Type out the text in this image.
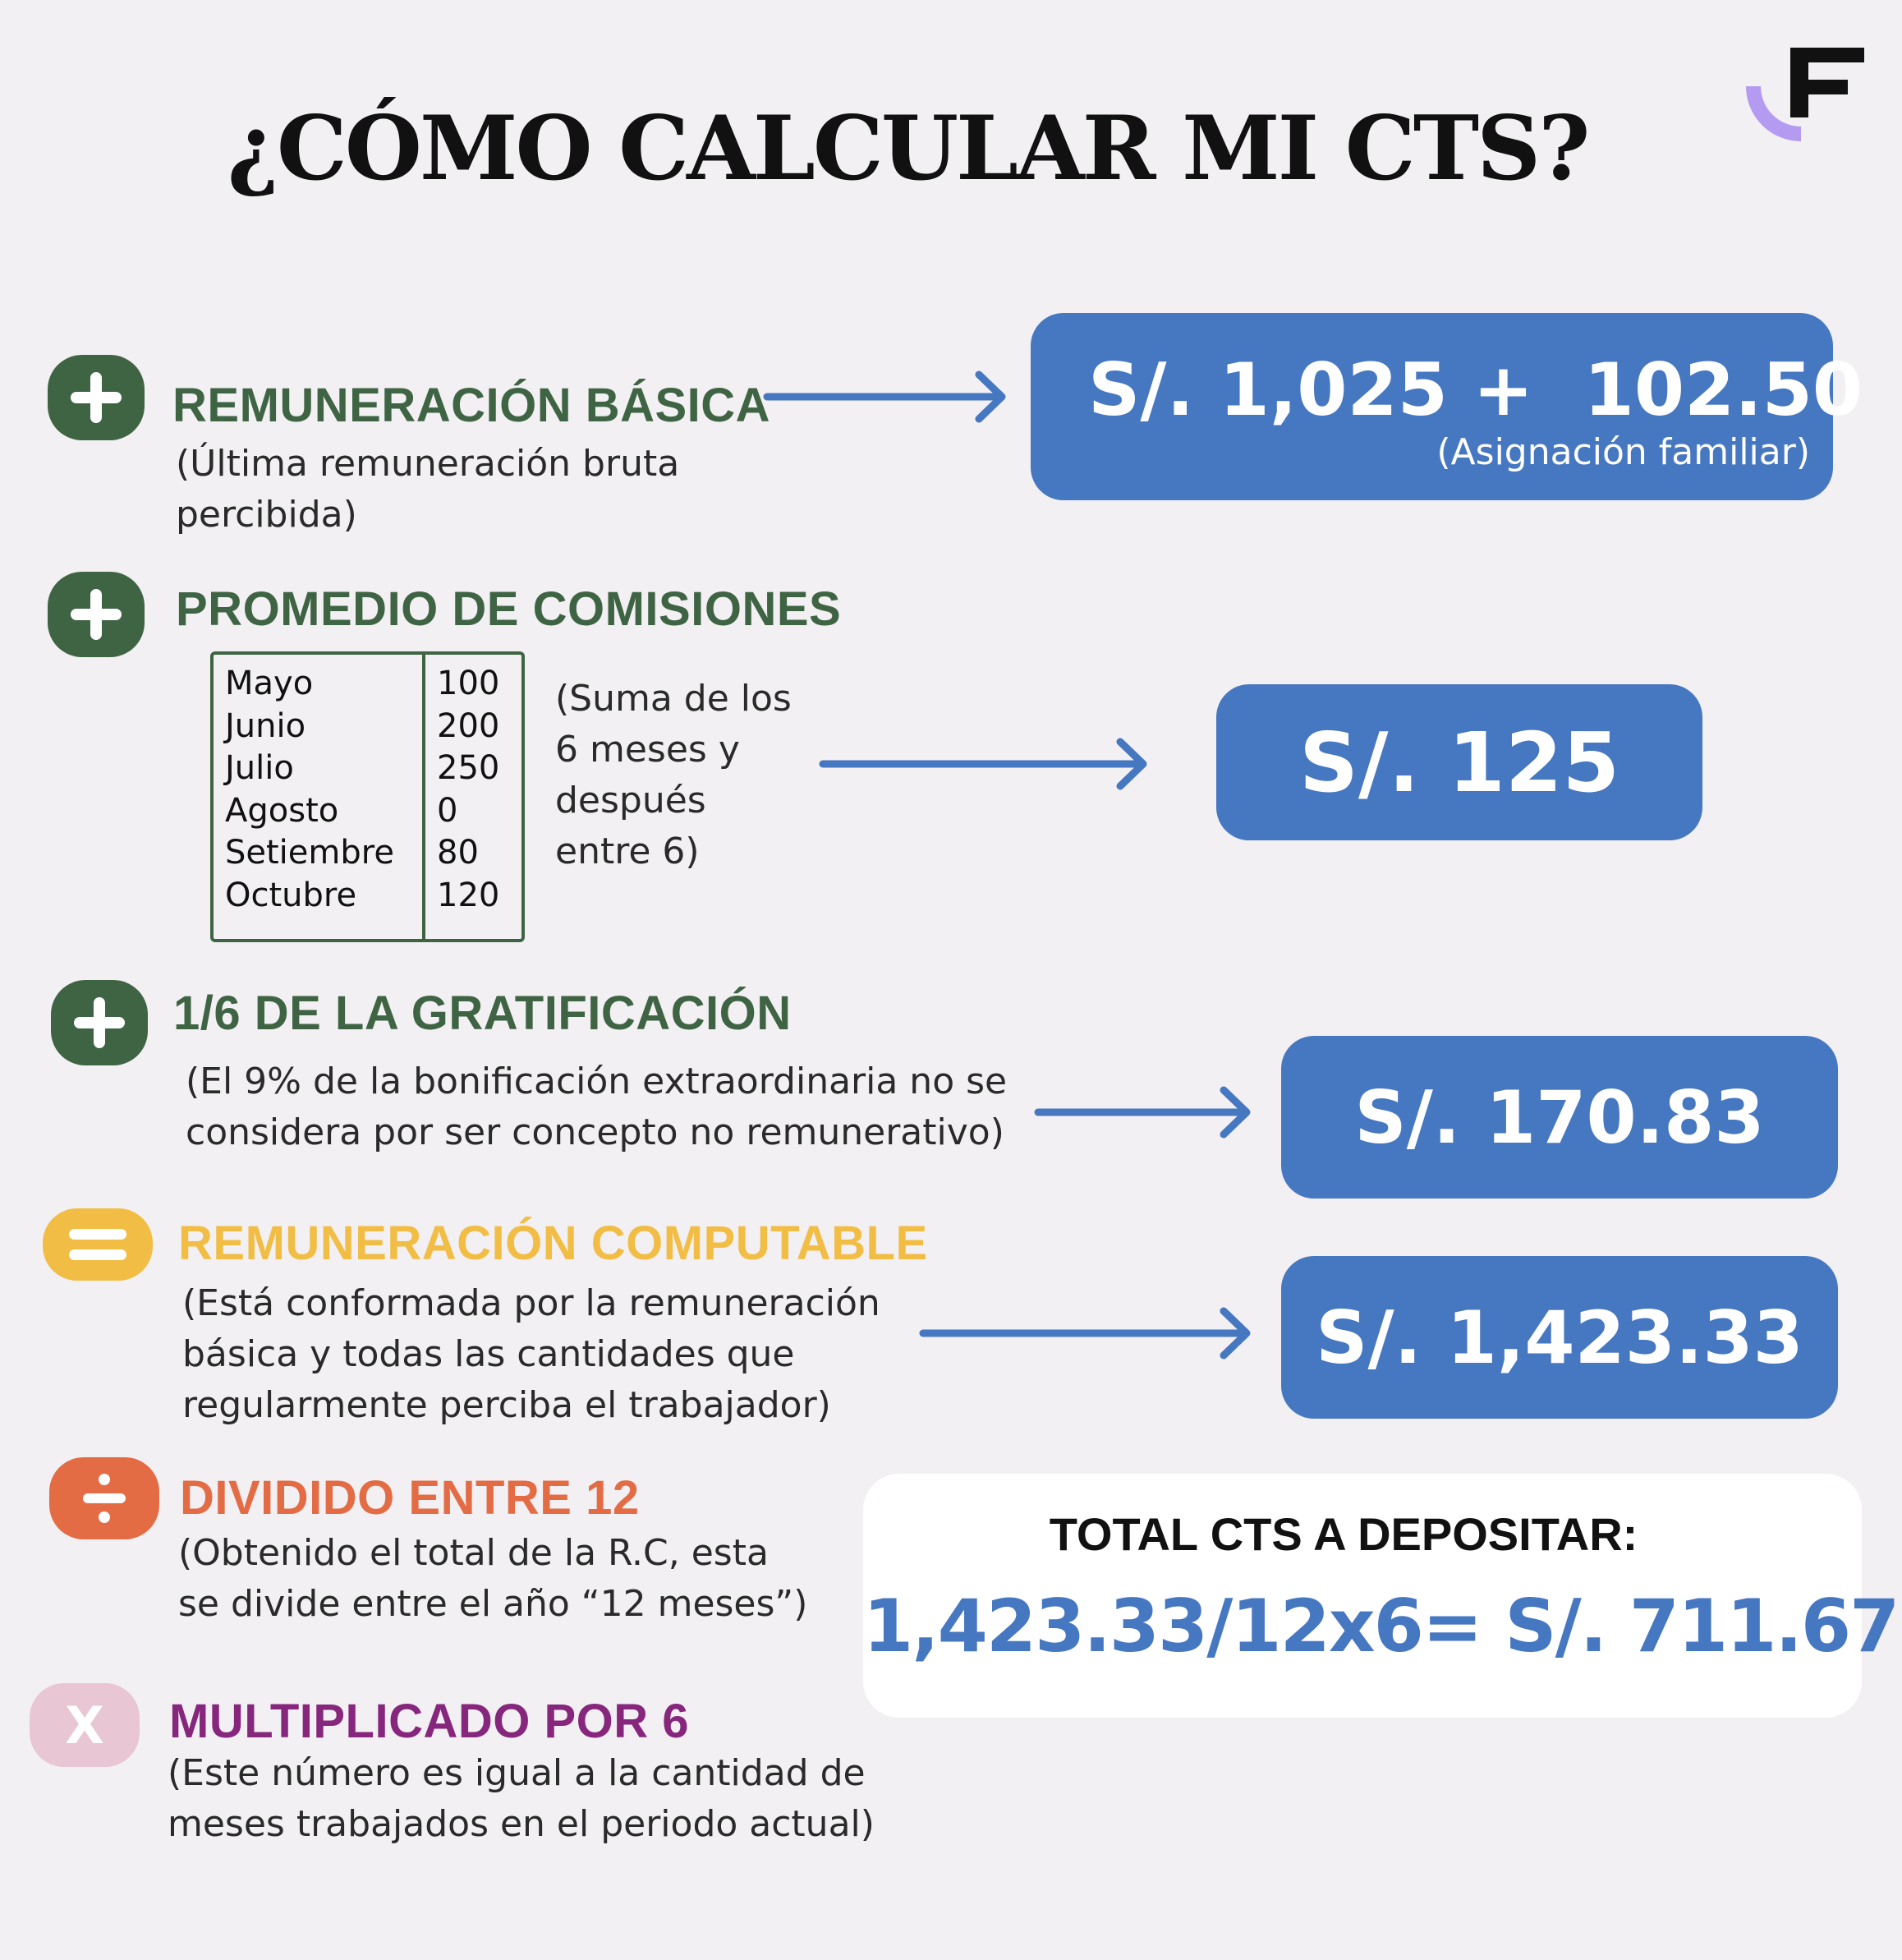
¿CÓMO CALCULAR MI CTS?
REMUNERACIÓN BÁSICA
(Última remuneración bruta
percibida)
S/. 1,025 +  102.50
(Asignación familiar)
PROMEDIO DE COMISIONES
Mayo
Junio
Julio
Agosto
Setiembre
Octubre
100
200
250
0
80
120
(Suma de los
6 meses y
después
entre 6)
S/. 125
1/6 DE LA GRATIFICACIÓN
(El 9% de la bonificación extraordinaria no se
considera por ser concepto no remunerativo)	S/. 170.83
REMUNERACIÓN COMPUTABLE
(Está conformada por la remuneración
básica y todas las cantidades que
regularmente perciba el trabajador)
S/. 1,423.33
DIVIDIDO ENTRE 12
(Obtenido el total de la R.C, esta
se divide entre el año “12 meses”)
X MULTIPLICADO POR 6
(Este número es igual a la cantidad de
meses trabajados en el periodo actual)
TOTAL CTS A DEPOSITAR:
1,423.33/12x6= S/. 711.67
